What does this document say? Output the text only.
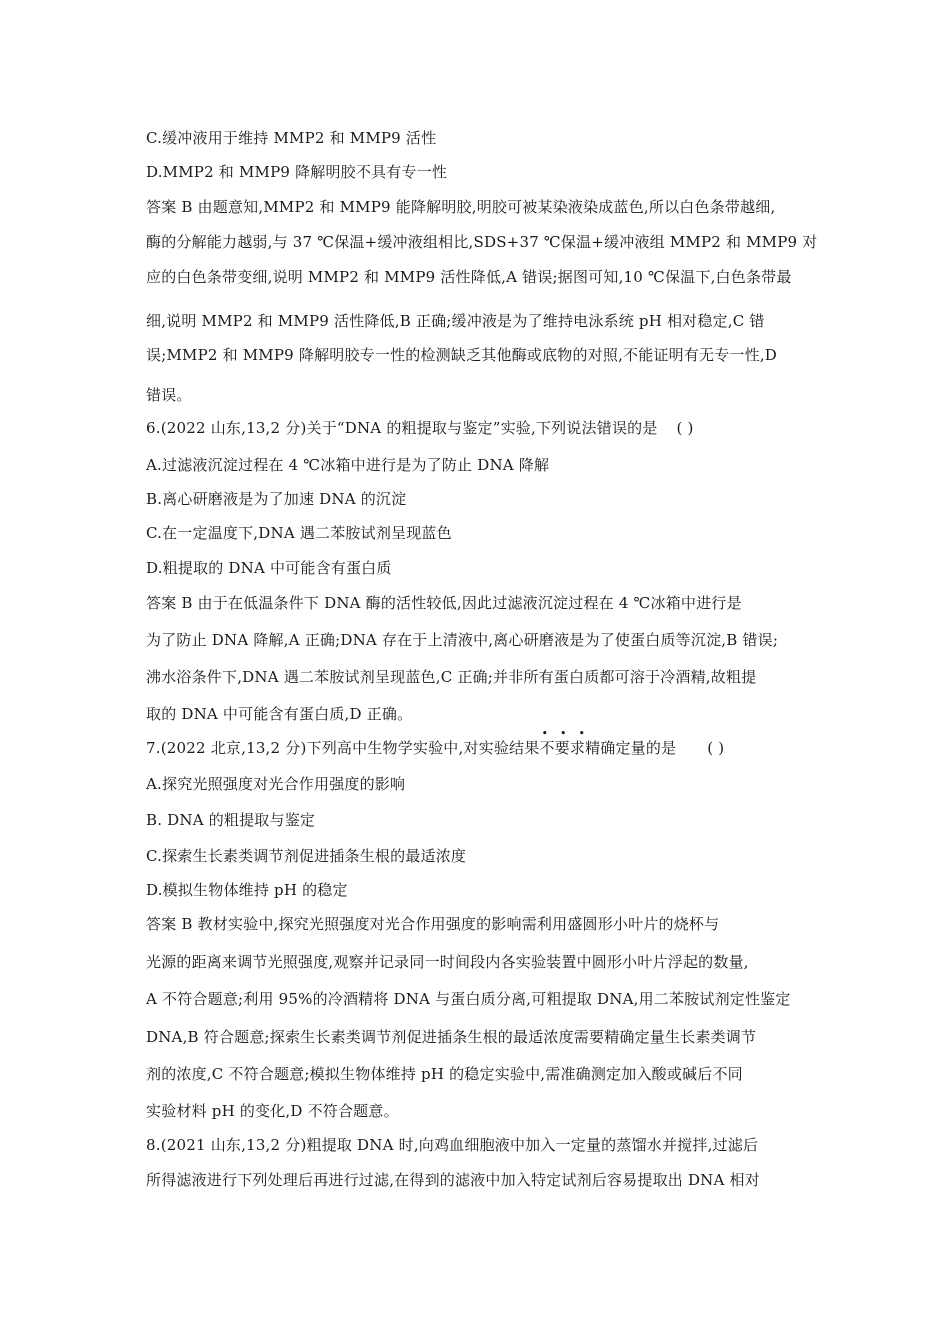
C.缓冲液用于维持 MMP2 和 MMP9 活性
D.MMP2 和 MMP9 降解明胶不具有专一性
答案 B 由题意知,MMP2 和 MMP9 能降解明胶,明胶可被某染液染成蓝色,所以白色条带越细,
酶的分解能力越弱,与 37 ℃保温+缓冲液组相比,SDS+37 ℃保温+缓冲液组 MMP2 和 MMP9 对
应的白色条带变细,说明 MMP2 和 MMP9 活性降低,A 错误;据图可知,10 ℃保温下,白色条带最
细,说明 MMP2 和 MMP9 活性降低,B 正确;缓冲液是为了维持电泳系统 pH 相对稳定,C 错
误;MMP2 和 MMP9 降解明胶专一性的检测缺乏其他酶或底物的对照,不能证明有无专一性,D
错误。
6.(2022 山东,13,2 分)关于“DNA 的粗提取与鉴定”实验,下列说法错误的是 ( )
A.过滤液沉淀过程在 4 ℃冰箱中进行是为了防止 DNA 降解
B.离心研磨液是为了加速 DNA 的沉淀
C.在一定温度下,DNA 遇二苯胺试剂呈现蓝色
D.粗提取的 DNA 中可能含有蛋白质
答案 B 由于在低温条件下 DNA 酶的活性较低,因此过滤液沉淀过程在 4 ℃冰箱中进行是
为了防止 DNA 降解,A 正确;DNA 存在于上清液中,离心研磨液是为了使蛋白质等沉淀,B 错误;
沸水浴条件下,DNA 遇二苯胺试剂呈现蓝色,C 正确;并非所有蛋白质都可溶于冷酒精,故粗提
取的 DNA 中可能含有蛋白质,D 正确。
7.(2022 北京,13,2 分)下列高中生物学实验中,对实验结果
•••
不要求精确定量的是 ( )
A.探究光照强度对光合作用强度的影响
B. DNA 的粗提取与鉴定
C.探索生长素类调节剂促进插条生根的最适浓度
D.模拟生物体维持 pH 的稳定
答案 B 教材实验中,探究光照强度对光合作用强度的影响需利用盛圆形小叶片的烧杯与
光源的距离来调节光照强度,观察并记录同一时间段内各实验装置中圆形小叶片浮起的数量,
A 不符合题意;利用 95%的冷酒精将 DNA 与蛋白质分离,可粗提取 DNA,用二苯胺试剂定性鉴定
DNA,B 符合题意;探索生长素类调节剂促进插条生根的最适浓度需要精确定量生长素类调节
剂的浓度,C 不符合题意;模拟生物体维持 pH 的稳定实验中,需准确测定加入酸或碱后不同
实验材料 pH 的变化,D 不符合题意。
8.(2021 山东,13,2 分)粗提取 DNA 时,向鸡血细胞液中加入一定量的蒸馏水并搅拌,过滤后
所得滤液进行下列处理后再进行过滤,在得到的滤液中加入特定试剂后容易提取出 DNA 相对
